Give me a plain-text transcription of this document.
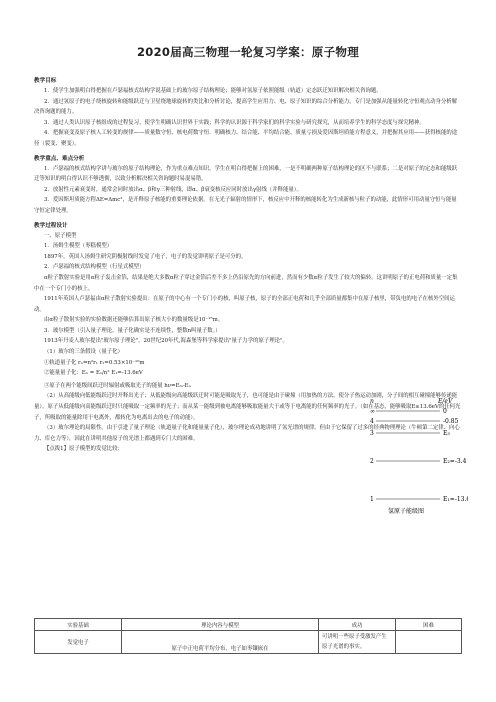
2020届高三物理一轮复习学案：原子物理
教学目标

1．使学生加强明白得把握在卢瑟福核式结构学说基础上的玻尔原子结构理论；能够对氢原子依照能级（轨道）定态跃迁知识解决相关咨询题。

2．通过氢原子的电子绕核旋转和能级跃迁与卫星绕地球旋转的类比和分析讨论，提高学生应用力、电、原子知识的综合分析能力，专门是加强从能量转化守恒观点动身分析解决咨询题的能力。

3．通过人类认识原子核组成的过程复习，使学生明确认识世界于实践；科学的认识源于科学家们的科学实验与研究探究，从而培养学生的科学态度与探究精神。

4．把握衰变及原子核人工转变的规律——质量数守恒、核电荷数守恒．明确核力、结合能、平均结合能、质量亏损及爱因斯坦质能方程意义，并把握其应用——获得核能的途径（裂变、聚变）。

教学重点、难点分析

1．卢瑟福的核式结构学讲与玻尔的原子结构理论，作为重点难点知识，学生在明白得把握上的困难，一是不明确两种原子结构理论的区不与联系；二是对原子的定态和能级跃迁等知识的明白得认识不够透彻，以致分析解决相关咨询题时易混易错。

2．放射性元素衰变时，通常会同时放出α、β和γ三种射线，即α、β衰变核反应同时放出γ射线（并释能量）。

3．爱因斯坦质能方程ΔE=Δmc²，是开释原子核能的重要理论依据。在无光子辐射的情形下，核反应中开释的核能转化为生成新核与粒子的动能，此情形可用动量守恒与能量守恒定律处理。

教学过程设计

一、原子模型

1．汤姆生模型（枣糕模型）

1897年，英国人汤姆生研究阴极射线时发觉了电子，电子的发觉讲明原子是可分的。

2．卢瑟福的核式结构模型（行星式模型）

α粒子散射实验是用α粒子轰击金箔，结果是绝大多数α粒子穿过金箔后差不多上仍沿原先的方向前进，然而有少数α粒子发生了较大的偏转。这讲明原子的正电荷和质量一定集中在一个专门小的核上。

1911年英国人卢瑟福由α粒子散射实验提出：在原子的中心有一个专门小的核，叫原子核，原子的全部正电荷和几乎全部质量都集中在原子核里，带负电的电子在核外空间运动。

由α粒子散射实验的实验数据还能够估算出原子核大小的数量级是10⁻¹⁵m。

3．玻尔模型（引入量子理论，量子化确实是不连续性，整数n叫量子数。）

1913年丹麦人玻尔提出"玻尔原子理论"，20世纪20年代,海森堡等科学家提出"量子力学的原子理论"。

（1）玻尔的三条假设（量子化）

①轨道量子化 rₙ=n²r₁ r₁=0.53×10⁻¹⁰m

②能量量子化：Eₙ = E₁/n² E₁=-13.6eV

③原子在两个能级间跃迁时辐射或吸取光子的能量 hν=Eₘ-Eₙ

（2）从高能级向低能级跃迁时开释出光子；从低能级向高能级跃迁时可能是吸取光子，也可能是由于碰撞（用加热的方法，使分子热运动加剧，分子间的相互碰撞能够传递能量）。原子从低能级向高能级跃迁时只能吸取一定频率的光子；而从某一能级到被电离能够吸取能量大于或等于电离能的任何频率的光子。（如在基态，能够吸取E≥13.6eV的任何光子，所吸取的能量除用于电离外，都转化为电离出去的电子的动能）。

（3）玻尔理论的局限性。由于引进了量子理论（轨道量子化和能量量子化），玻尔理论成功地讲明了氢光谱的规律。但由于它保留了过多的经典物理理论（牛顿第二定律、向心力、库仑力等），因此在讲明其他原子的光谱上都遇到专门大的困难。

【点拨1】原子模型的发觉比较：

n	E/eV
∞	0
4	-0.85
3	E₃
2	E₂=-3.4
1	E₁=-13.6
氢原子能级图
实验基础	理论内容与模型	成功	困难
发觉电子	原子中正电荷平均分布，电子如枣镶嵌在	可讲明一些原子受激发产生原子光谱的事实。	
